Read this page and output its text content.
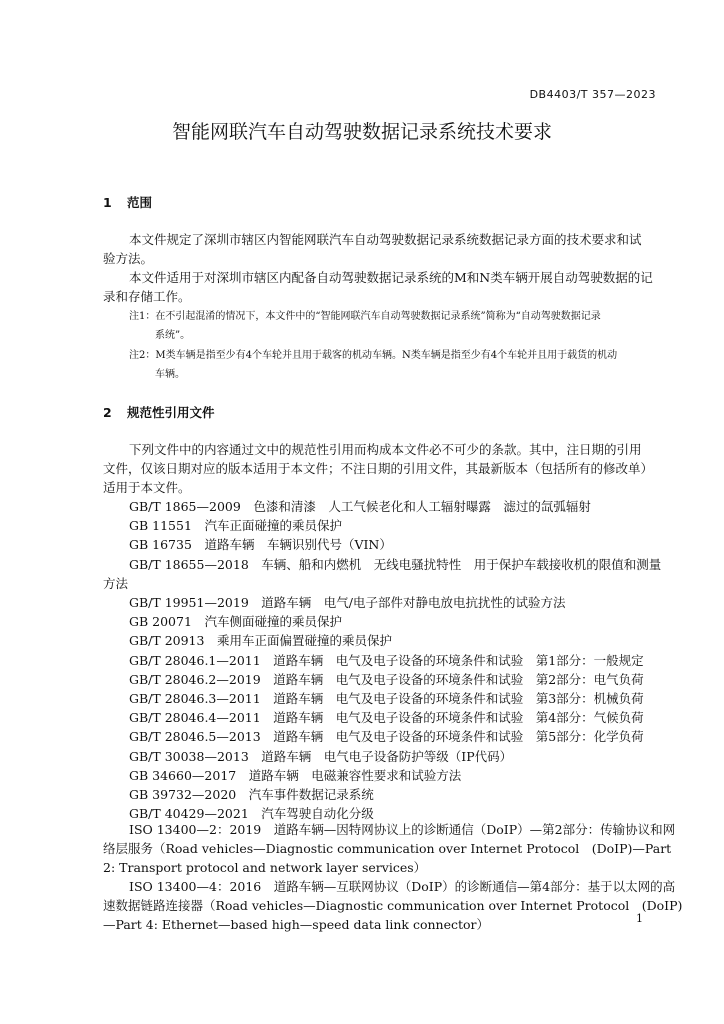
DB4403/T 357—2023
智能网联汽车自动驾驶数据记录系统技术要求
1 范围
本文件规定了深圳市辖区内智能网联汽车自动驾驶数据记录系统数据记录方面的技术要求和试
验方法。
本文件适用于对深圳市辖区内配备自动驾驶数据记录系统的M和N类车辆开展自动驾驶数据的记
录和存储工作。
注1：在不引起混淆的情况下，本文件中的“智能网联汽车自动驾驶数据记录系统”简称为“自动驾驶数据记录
系统”。
注2：M类车辆是指至少有4个车轮并且用于载客的机动车辆。N类车辆是指至少有4个车轮并且用于载货的机动
车辆。
2 规范性引用文件
下列文件中的内容通过文中的规范性引用而构成本文件必不可少的条款。其中，注日期的引用
文件，仅该日期对应的版本适用于本文件；不注日期的引用文件，其最新版本（包括所有的修改单）
适用于本文件。
GB/T 1865—2009　 色漆和清漆　人工气候老化和人工辐射曝露　滤过的氙弧辐射
GB 11551　 汽车正面碰撞的乘员保护
GB 16735　 道路车辆　车辆识别代号（VIN）
GB/T 18655—2018　 车辆、船和内燃机　无线电骚扰特性　用于保护车载接收机的限值和测量
方法
GB/T 19951—2019　 道路车辆　电气/电子部件对静电放电抗扰性的试验方法
GB 20071　 汽车侧面碰撞的乘员保护
GB/T 20913　 乘用车正面偏置碰撞的乘员保护
GB/T 28046.1—2011　 道路车辆　电气及电子设备的环境条件和试验　第1部分：一般规定
GB/T 28046.2—2019　 道路车辆　电气及电子设备的环境条件和试验　第2部分：电气负荷
GB/T 28046.3—2011　 道路车辆　电气及电子设备的环境条件和试验　第3部分：机械负荷
GB/T 28046.4—2011　 道路车辆　电气及电子设备的环境条件和试验　第4部分：气候负荷
GB/T 28046.5—2013　 道路车辆　电气及电子设备的环境条件和试验　第5部分：化学负荷
GB/T 30038—2013　 道路车辆　电气电子设备防护等级（IP代码）
GB 34660—2017　 道路车辆　电磁兼容性要求和试验方法
GB 39732—2020　 汽车事件数据记录系统
GB/T 40429—2021　 汽车驾驶自动化分级
ISO 13400—2：2019　道路车辆—因特网协议上的诊断通信（DoIP）—第2部分：传输协议和网
络层服务（Road vehicles—Diagnostic communication over Internet Protocol　(DoIP)—Part
2: Transport protocol and network layer services）
ISO 13400—4：2016　道路车辆—互联网协议（DoIP）的诊断通信—第4部分：基于以太网的高
速数据链路连接器（Road vehicles—Diagnostic communication over Internet Protocol　(DoIP)
—Part 4: Ethernet—based high—speed data link connector）	1
